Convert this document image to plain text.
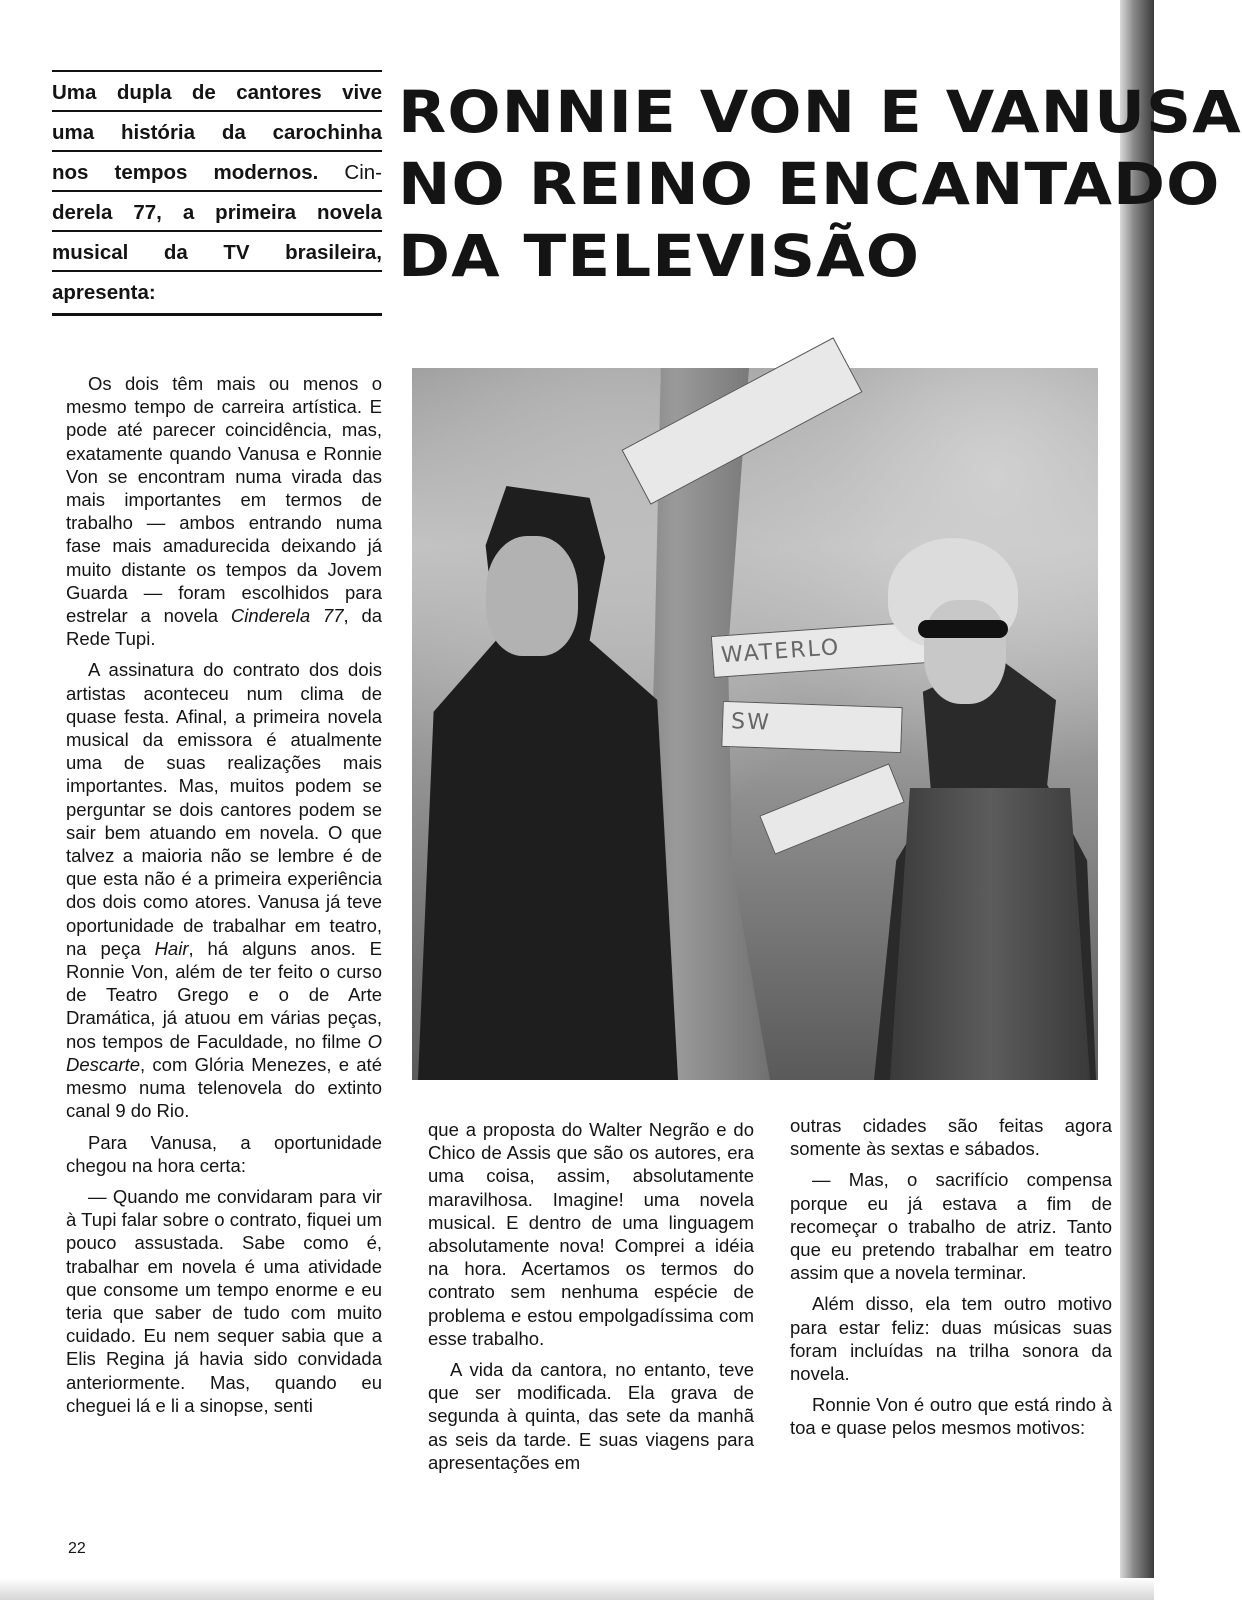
Uma dupla de cantores vive
uma história da carochinha
nos tempos modernos. Cin-
derela 77, a primeira novela
musical da TV brasileira,
apresenta:
RONNIE VON E VANUSA
NO REINO ENCANTADO
DA TELEVISÃO

Os dois têm mais ou menos o mesmo tempo de carreira artística. E pode até parecer coincidência, mas, exatamente quando Vanusa e Ronnie Von se encontram numa virada das mais importantes em termos de trabalho — ambos entrando numa fase mais amadurecida deixando já muito distante os tempos da Jovem Guarda — foram escolhidos para estrelar a novela Cinderela 77, da Rede Tupi.

A assinatura do contrato dos dois artistas aconteceu num clima de quase festa. Afinal, a primeira novela musical da emissora é atualmente uma de suas realizações mais importantes. Mas, muitos podem se perguntar se dois cantores podem se sair bem atuando em novela. O que talvez a maioria não se lembre é de que esta não é a primeira experiência dos dois como atores. Vanusa já teve oportunidade de trabalhar em teatro, na peça Hair, há alguns anos. E Ronnie Von, além de ter feito o curso de Teatro Grego e o de Arte Dramática, já atuou em várias peças, nos tempos de Faculdade, no filme O Descarte, com Glória Menezes, e até mesmo numa telenovela do extinto canal 9 do Rio.

Para Vanusa, a oportunidade chegou na hora certa:

— Quando me convidaram para vir à Tupi falar sobre o contrato, fiquei um pouco assustada. Sabe como é, trabalhar em novela é uma atividade que consome um tempo enorme e eu teria que saber de tudo com muito cuidado. Eu nem sequer sabia que a Elis Regina já havia sido convidada anteriormente. Mas, quando eu cheguei lá e li a sinopse, senti

WATERLO
SW

que a proposta do Walter Negrão e do Chico de Assis que são os autores, era uma coisa, assim, absolutamente maravilhosa. Imagine! uma novela musical. E dentro de uma linguagem absolutamente nova! Comprei a idéia na hora. Acertamos os termos do contrato sem nenhuma espécie de problema e estou empolgadíssima com esse trabalho.

A vida da cantora, no entanto, teve que ser modificada. Ela grava de segunda à quinta, das sete da manhã as seis da tarde. E suas viagens para apresentações em

outras cidades são feitas agora somente às sextas e sábados.

— Mas, o sacrifício compensa porque eu já estava a fim de recomeçar o trabalho de atriz. Tanto que eu pretendo trabalhar em teatro assim que a novela terminar.

Além disso, ela tem outro motivo para estar feliz: duas músicas suas foram incluídas na trilha sonora da novela.

Ronnie Von é outro que está rindo à toa e quase pelos mesmos motivos:

22
